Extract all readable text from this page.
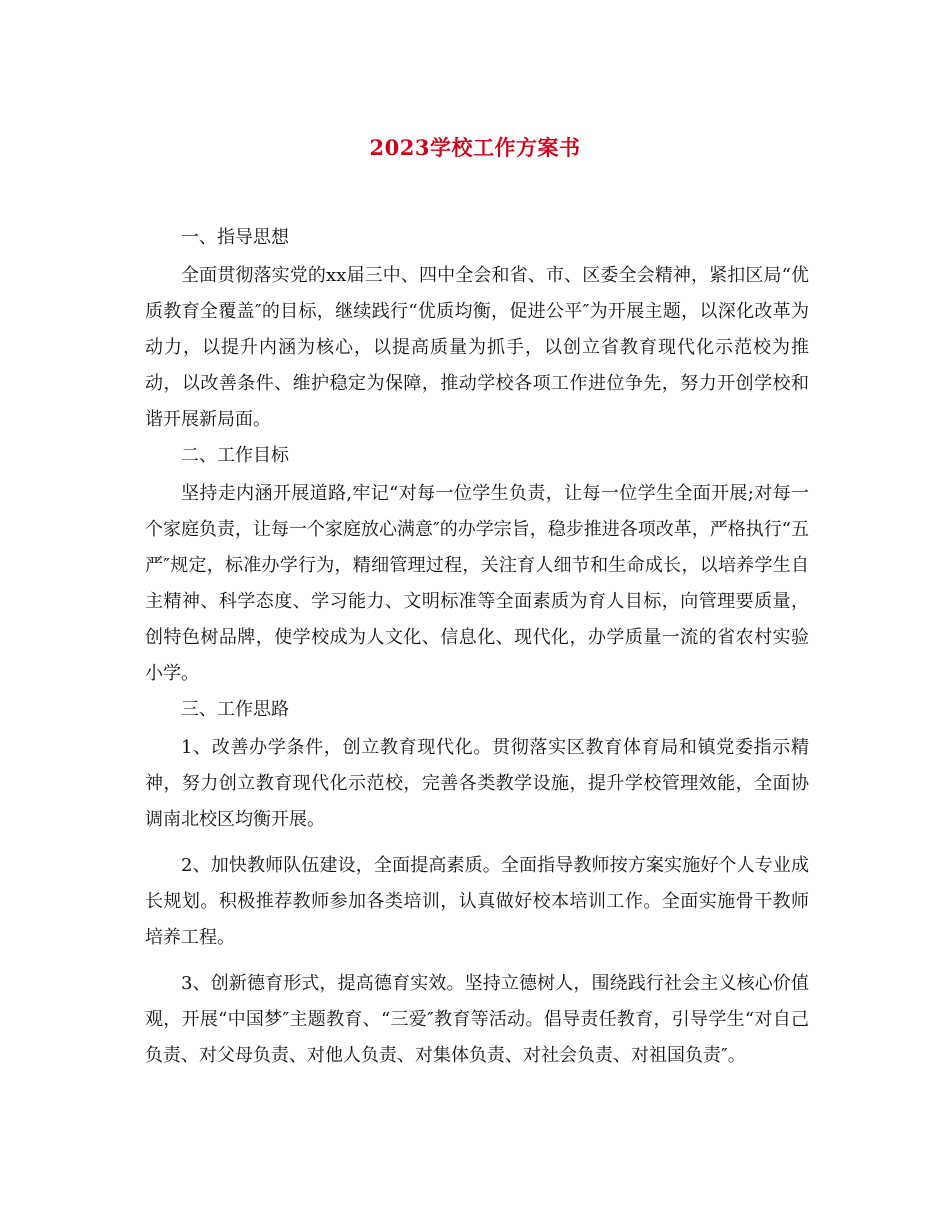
2023学校工作方案书

一、指导思想

全面贯彻落实党的xx届三中、四中全会和省、市、区委全会精神，紧扣区局“优质教育全覆盖″的目标，继续践行“优质均衡，促进公平″为开展主题，以深化改革为动力，以提升内涵为核心，以提高质量为抓手，以创立省教育现代化示范校为推动，以改善条件、维护稳定为保障，推动学校各项工作进位争先，努力开创学校和谐开展新局面。

二、工作目标

坚持走内涵开展道路,牢记“对每一位学生负责，让每一位学生全面开展;对每一个家庭负责，让每一个家庭放心满意″的办学宗旨，稳步推进各项改革，严格执行“五严″规定，标准办学行为，精细管理过程，关注育人细节和生命成长，以培养学生自主精神、科学态度、学习能力、文明标准等全面素质为育人目标，向管理要质量，创特色树品牌，使学校成为人文化、信息化、现代化，办学质量一流的省农村实验小学。

三、工作思路

1、改善办学条件，创立教育现代化。贯彻落实区教育体育局和镇党委指示精神，努力创立教育现代化示范校，完善各类教学设施，提升学校管理效能，全面协调南北校区均衡开展。

2、加快教师队伍建设，全面提高素质。全面指导教师按方案实施好个人专业成长规划。积极推荐教师参加各类培训，认真做好校本培训工作。全面实施骨干教师培养工程。

3、创新德育形式，提高德育实效。坚持立德树人，围绕践行社会主义核心价值观，开展“中国梦″主题教育、“三爱″教育等活动。倡导责任教育，引导学生“对自己负责、对父母负责、对他人负责、对集体负责、对社会负责、对祖国负责″。
